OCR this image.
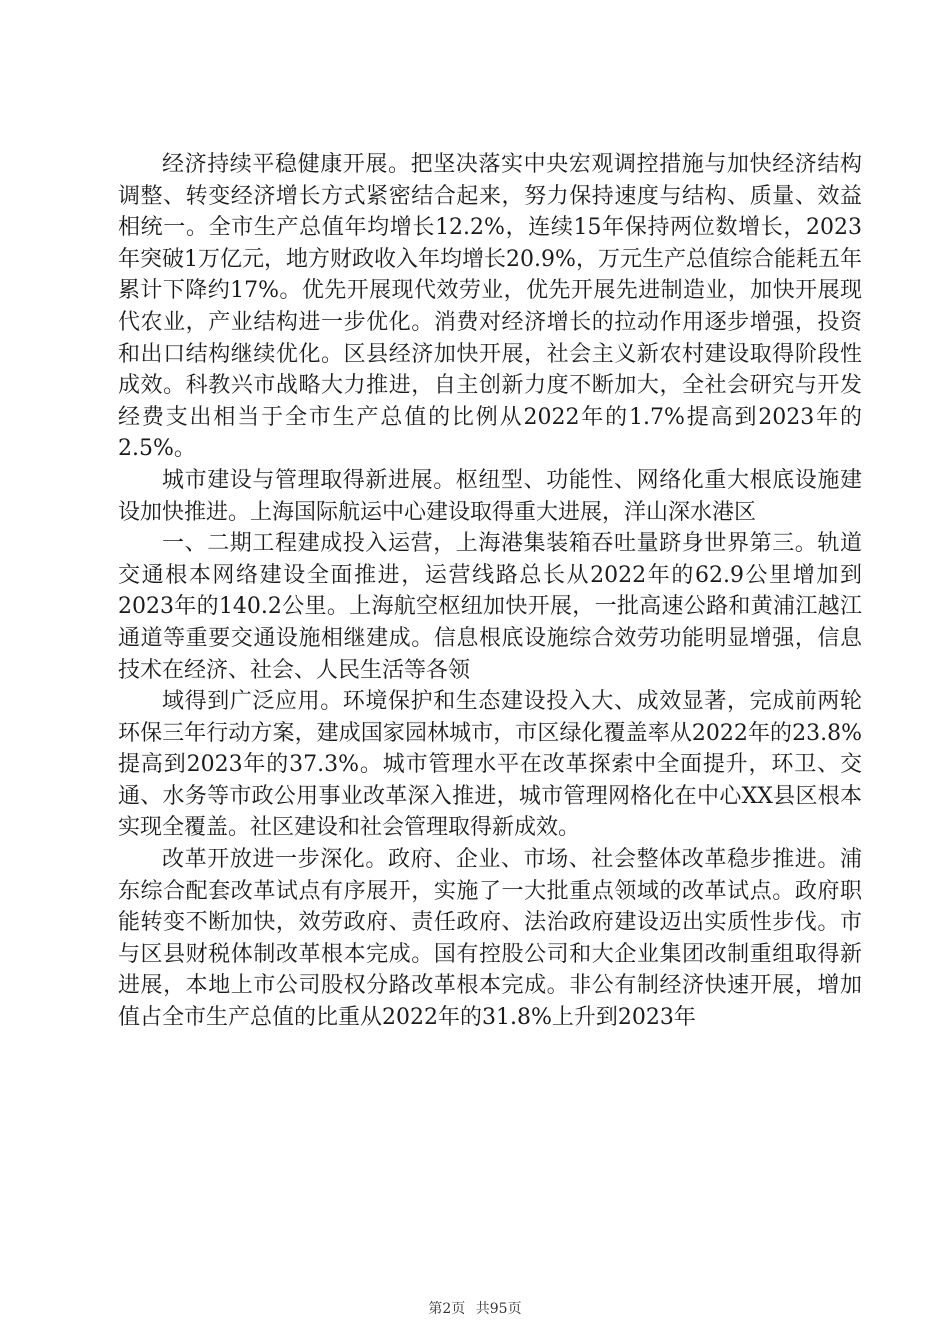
经济持续平稳健康开展。把坚决落实中央宏观调控措施与加快经济结构调整、转变经济增长方式紧密结合起来，努力保持速度与结构、质量、效益相统一。全市生产总值年均增长12.2%，连续15年保持两位数增长，2023年突破1万亿元，地方财政收入年均增长20.9%，万元生产总值综合能耗五年累计下降约17%。优先开展现代效劳业，优先开展先进制造业，加快开展现代农业，产业结构进一步优化。消费对经济增长的拉动作用逐步增强，投资和出口结构继续优化。区县经济加快开展，社会主义新农村建设取得阶段性成效。科教兴市战略大力推进，自主创新力度不断加大，全社会研究与开发经费支出相当于全市生产总值的比例从2022年的1.7%提高到2023年的2.5%。

城市建设与管理取得新进展。枢纽型、功能性、网络化重大根底设施建设加快推进。上海国际航运中心建设取得重大进展，洋山深水港区

一、二期工程建成投入运营，上海港集装箱吞吐量跻身世界第三。轨道交通根本网络建设全面推进，运营线路总长从2022年的62.9公里增加到2023年的140.2公里。上海航空枢纽加快开展，一批高速公路和黄浦江越江通道等重要交通设施相继建成。信息根底设施综合效劳功能明显增强，信息技术在经济、社会、人民生活等各领

域得到广泛应用。环境保护和生态建设投入大、成效显著，完成前两轮环保三年行动方案，建成国家园林城市，市区绿化覆盖率从2022年的23.8%提高到2023年的37.3%。城市管理水平在改革探索中全面提升，环卫、交通、水务等市政公用事业改革深入推进，城市管理网格化在中心XX县区根本实现全覆盖。社区建设和社会管理取得新成效。

改革开放进一步深化。政府、企业、市场、社会整体改革稳步推进。浦东综合配套改革试点有序展开，实施了一大批重点领域的改革试点。政府职能转变不断加快，效劳政府、责任政府、法治政府建设迈出实质性步伐。市与区县财税体制改革根本完成。国有控股公司和大企业集团改制重组取得新进展，本地上市公司股权分路改革根本完成。非公有制经济快速开展，增加值占全市生产总值的比重从2022年的31.8%上升到2023年

第2页 共95页
